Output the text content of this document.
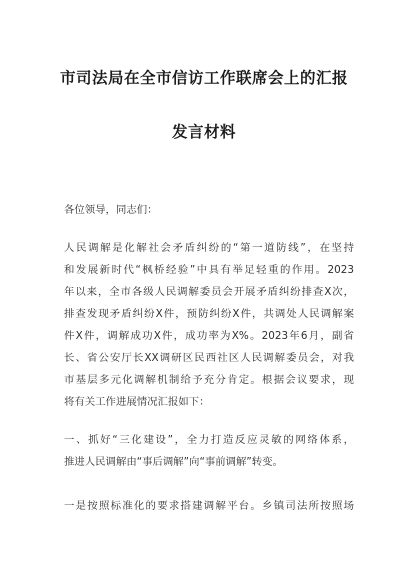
市司法局在全市信访工作联席会上的汇报
发言材料
各位领导，同志们：
人民调解是化解社会矛盾纠纷的“第一道防线”，在坚持
和发展新时代“枫桥经验”中具有举足轻重的作用。2023
年以来，全市各级人民调解委员会开展矛盾纠纷排查X次，
排查发现矛盾纠纷X件，预防纠纷X件，共调处人民调解案
件X件，调解成功X件，成功率为X%。2023年6月，副省
长、省公安厅长XX调研区民西社区人民调解委员会，对我
市基层多元化调解机制给予充分肯定。根据会议要求，现
将有关工作进展情况汇报如下：
一、抓好“三化建设”，全力打造反应灵敏的网络体系，
推进人民调解由“事后调解”向“事前调解”转变。
一是按照标准化的要求搭建调解平台。乡镇司法所按照场
